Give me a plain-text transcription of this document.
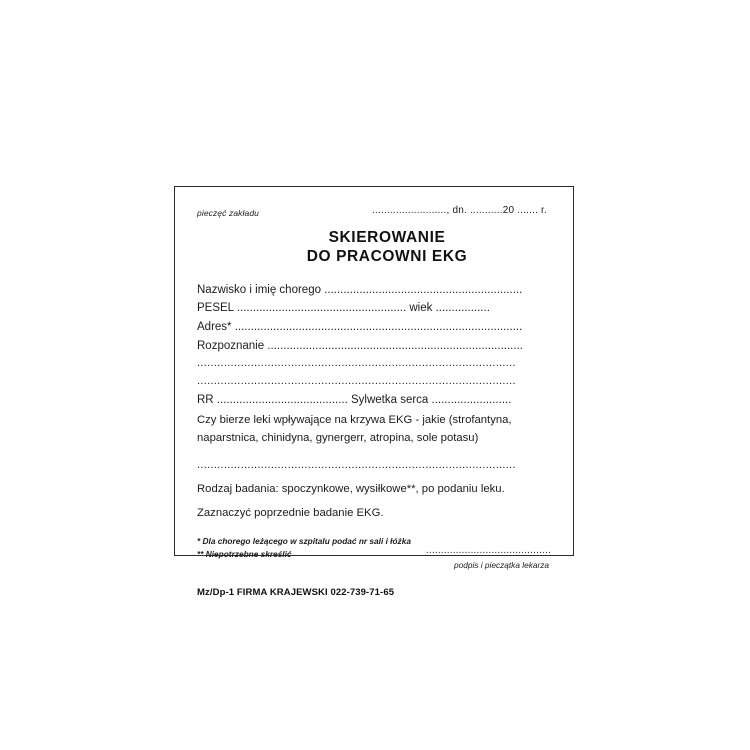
pieczęć zakładu	........................., dn. ...........20 ....... r.
SKIEROWANIE
DO PRACOWNI EKG
Nazwisko i imię chorego ..............................................................
PESEL ..................................................... wiek .................
Adres* ..........................................................................................
Rozpoznanie ................................................................................
...............................................................................................
...............................................................................................
RR ......................................... Sylwetka serca .........................
Czy bierze leki wpływające na krzywa EKG - jakie (strofantyna,
naparstnica, chinidyna, gynergerr, atropina, sole potasu)
...............................................................................................
Rodzaj badania: spoczynkowe, wysiłkowe**, po podaniu leku.
Zaznaczyć poprzednie badanie EKG.
* Dla chorego leżącego w szpitalu podać nr sali i łóżka
** Niepotrzebne skreślić	..........................................
podpis i pieczątka lekarza
Mz/Dp-1 FIRMA KRAJEWSKI 022-739-71-65
